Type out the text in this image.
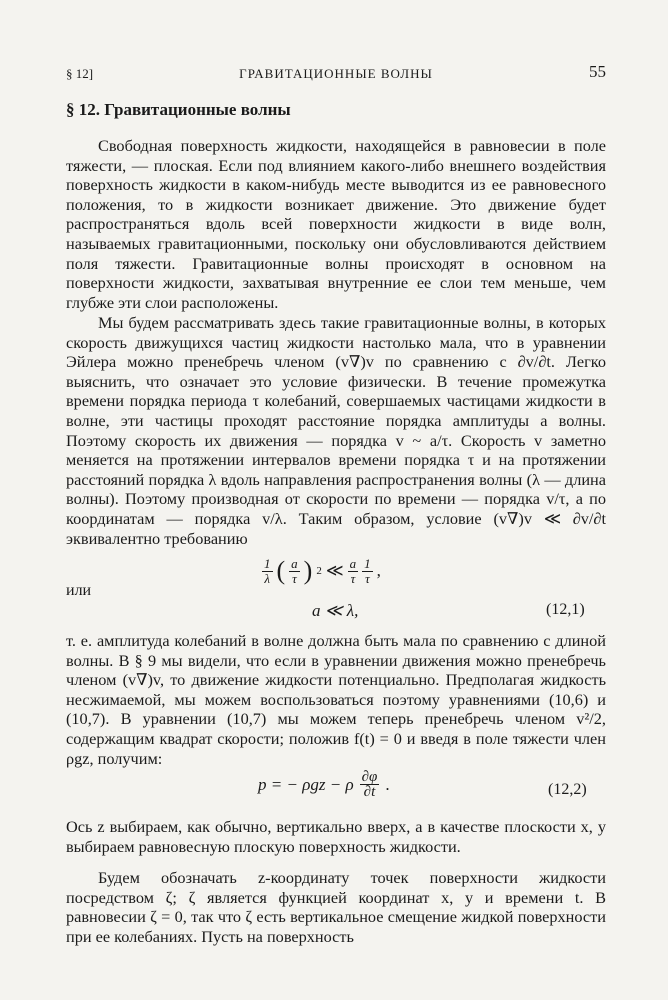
§ 12]	ГРАВИТАЦИОННЫЕ ВОЛНЫ	55
§ 12. Гравитационные волны

Свободная поверхность жидкости, находящейся в равновесии в поле тяжести, — плоская. Если под влиянием какого-либо внешнего воздействия поверхность жидкости в каком-нибудь месте выводится из ее равновесного положения, то в жидкости возникает движение. Это движение будет распространяться вдоль всей поверхности жидкости в виде волн, называемых гравитационными, поскольку они обусловливаются действием поля тяжести. Гравитационные волны происходят в основном на поверхности жидкости, захватывая внутренние ее слои тем меньше, чем глубже эти слои расположены.

Мы будем рассматривать здесь такие гравитационные волны, в которых скорость движущихся частиц жидкости настолько мала, что в уравнении Эйлера можно пренебречь членом (v∇)v по сравнению с ∂v/∂t. Легко выяснить, что означает это условие физически. В течение промежутка времени порядка периода τ колебаний, совершаемых частицами жидкости в волне, эти частицы проходят расстояние порядка амплитуды a волны. Поэтому скорость их движения — порядка v ~ a/τ. Скорость v заметно меняется на протяжении интервалов времени порядка τ и на протяжении расстояний порядка λ вдоль направления распространения волны (λ — длина волны). Поэтому производная от скорости по времени — порядка v/τ, а по координатам — порядка v/λ. Таким образом, условие (v∇)v ≪ ∂v/∂t эквивалентно требованию

$\frac{1}{\lambda}$ ( $\frac{a}{\tau}$ ) 2 ≪ $\frac{a}{\tau} \frac{1}{\tau}$ ,
или
a ≪ λ,	(12,1)

т. е. амплитуда колебаний в волне должна быть мала по сравнению с длиной волны. В § 9 мы видели, что если в уравнении движения можно пренебречь членом (v∇)v, то движение жидкости потенциально. Предполагая жидкость несжимаемой, мы можем воспользоваться поэтому уравнениями (10,6) и (10,7). В уравнении (10,7) мы можем теперь пренебречь членом v²/2, содержащим квадрат скорости; положив f(t) = 0 и введя в поле тяжести член ρgz, получим:

p = − ρgz − ρ $\frac{\partial\varphi}{\partial t}$ .	(12,2)

Ось z выбираем, как обычно, вертикально вверх, а в качестве плоскости x, y выбираем равновесную плоскую поверхность жидкости.

Будем обозначать z-координату точек поверхности жидкости посредством ζ; ζ является функцией координат x, y и времени t. В равновесии ζ = 0, так что ζ есть вертикальное смещение жидкой поверхности при ее колебаниях. Пусть на поверхность
